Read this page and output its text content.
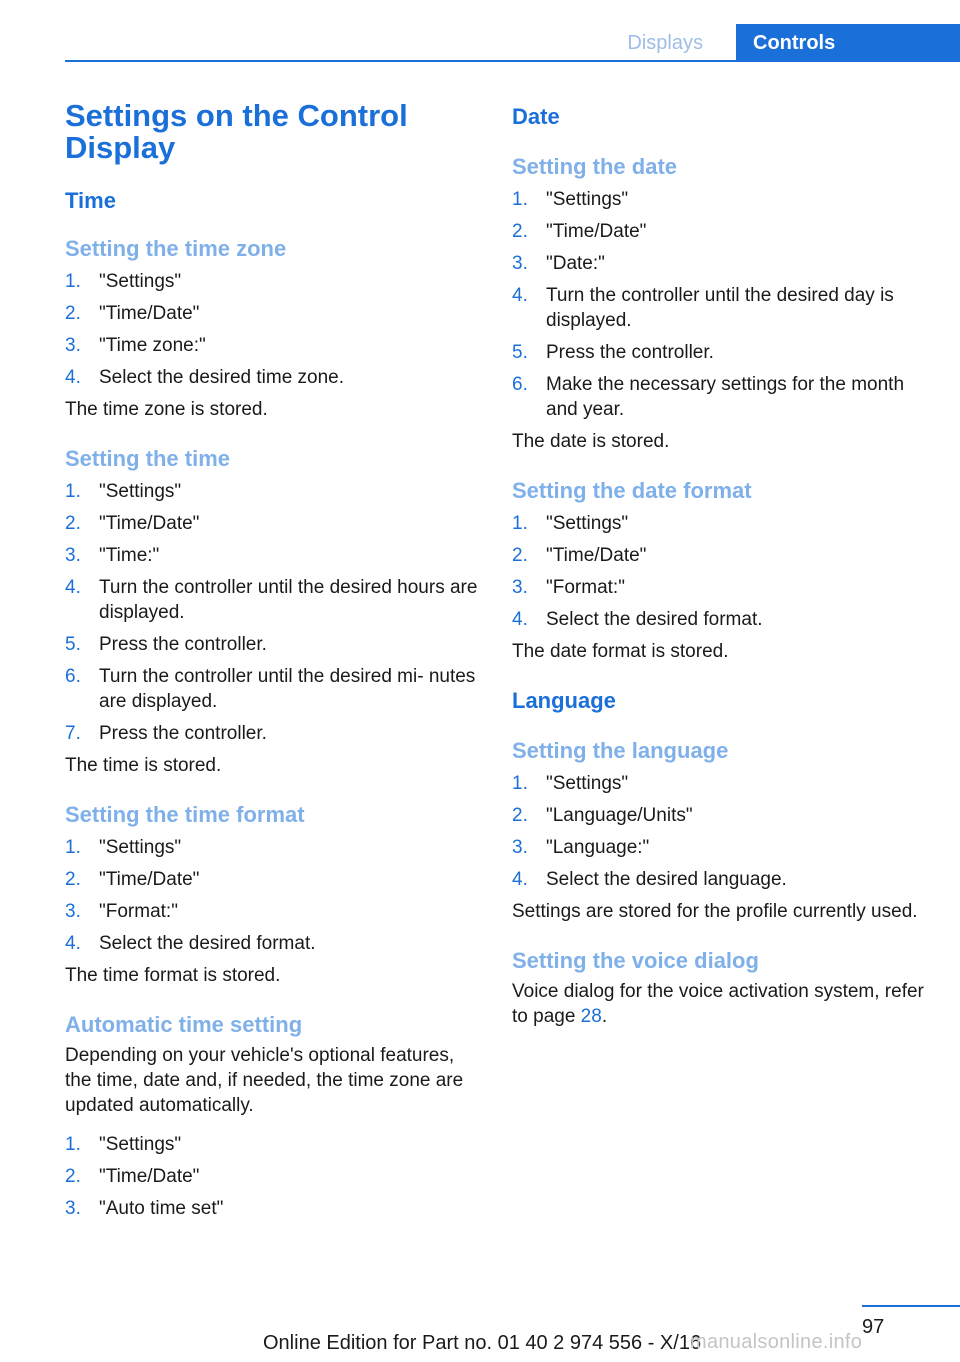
Displays	Controls
Settings on the Control Display
Time
Setting the time zone
1. "Settings"
2. "Time/Date"
3. "Time zone:"
4. Select the desired time zone.

The time zone is stored.

Setting the time
1. "Settings"
2. "Time/Date"
3. "Time:"
4. Turn the controller until the desired hours are displayed.
5. Press the controller.
6. Turn the controller until the desired mi‐ nutes are displayed.
7. Press the controller.

The time is stored.

Setting the time format
1. "Settings"
2. "Time/Date"
3. "Format:"
4. Select the desired format.

The time format is stored.

Automatic time setting

Depending on your vehicle's optional features, the time, date and, if needed, the time zone are updated automatically.

1. "Settings"
2. "Time/Date"
3. "Auto time set"
Date
Setting the date
1. "Settings"
2. "Time/Date"
3. "Date:"
4. Turn the controller until the desired day is displayed.
5. Press the controller.
6. Make the necessary settings for the month and year.

The date is stored.

Setting the date format
1. "Settings"
2. "Time/Date"
3. "Format:"
4. Select the desired format.

The date format is stored.

Language
Setting the language
1. "Settings"
2. "Language/Units"
3. "Language:"
4. Select the desired language.

Settings are stored for the profile currently used.

Setting the voice dialog

Voice dialog for the voice activation system, refer to page 28.

97
Online Edition for Part no. 01 40 2 974 556 - X/16
manualsonline.info
